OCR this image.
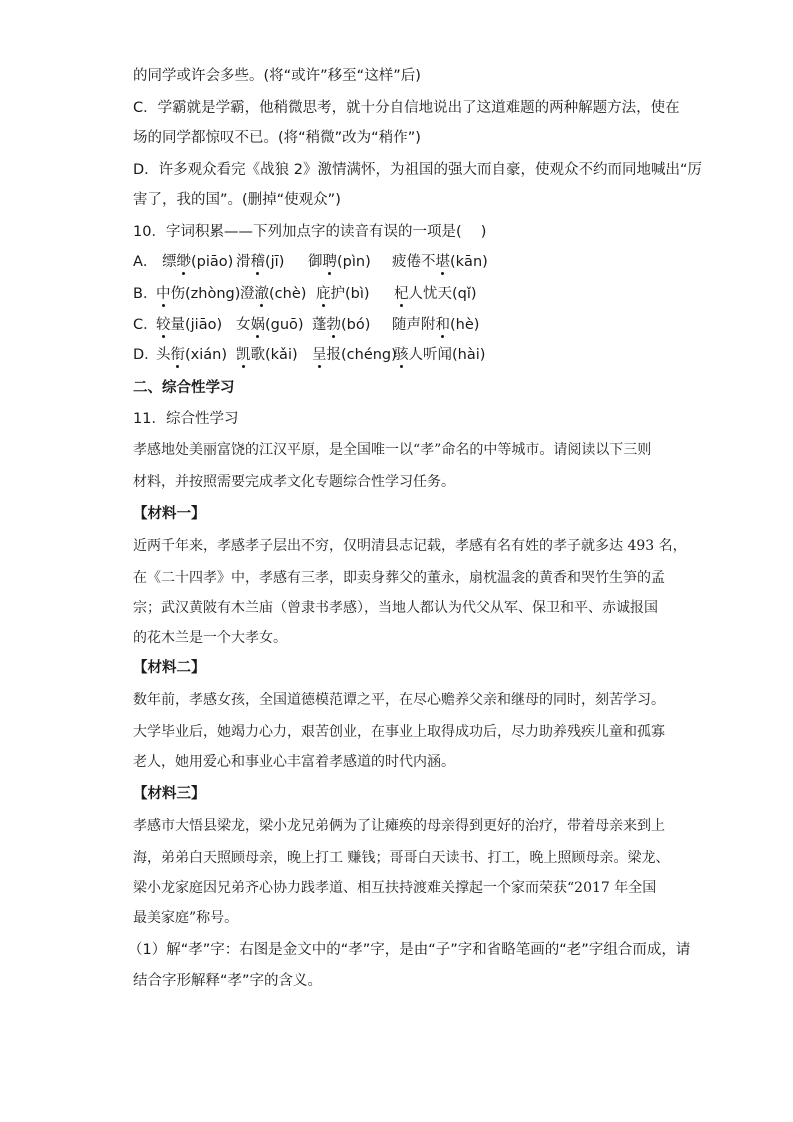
的同学或许会多些。(将“或许”移至“这样”后)
C．学霸就是学霸，他稍微思考，就十分自信地说出了这道难题的两种解题方法，使在
场的同学都惊叹不已。(将“稍微”改为“稍作”)
D．许多观众看完《战狼 2》激情满怀，为祖国的强大而自豪，使观众不约而同地喊出“厉
害了，我的国”。(删掉“使观众”)
10．字词积累——下列加点字的读音有误的一项是(　 )
A． 缥缈(piāo) 滑稽(jī) 御聘(pìn) 疲倦不堪(kān)
B．
中伤(zhòng) 澄澈(chè) 庇护(bì) 杞人忧天(qǐ)
C．
较量(jiāo) 女娲(guō) 蓬勃(bó) 随声附和(hè)
D．
头衔(xián) 凯歌(kǎi) 呈报(chéng)
骇人听闻(hài)
二、综合性学习
11．综合性学习
孝感地处美丽富饶的江汉平原，是全国唯一以“孝”命名的中等城市。请阅读以下三则
材料，并按照需要完成孝文化专题综合性学习任务。
【材料一】
近两千年来，孝感孝子层出不穷，仅明清县志记载，孝感有名有姓的孝子就多达 493 名，
在《二十四孝》中，孝感有三孝，即卖身葬父的董永，扇枕温衾的黄香和哭竹生笋的孟
宗；武汉黄陂有木兰庙（曾隶书孝感），当地人都认为代父从军、保卫和平、赤诚报国
的花木兰是一个大孝女。
【材料二】
数年前，孝感女孩，全国道德模范谭之平，在尽心赡养父亲和继母的同时，刻苦学习。
大学毕业后，她竭力心力，艰苦创业，在事业上取得成功后，尽力助养残疾儿童和孤寡
老人，她用爱心和事业心丰富着孝感道的时代内涵。
【材料三】
孝感市大悟县梁龙，梁小龙兄弟俩为了让瘫痪的母亲得到更好的治疗，带着母亲来到上
海，弟弟白天照顾母亲，晚上打工 赚钱；哥哥白天读书、打工，晚上照顾母亲。梁龙、
梁小龙家庭因兄弟齐心协力践孝道、相互扶持渡难关撑起一个家而荣获“2017 年全国
最美家庭”称号。
（1）解“孝”字：右图是金文中的“孝”字，是由“子”字和省略笔画的“老”字组合而成，请
结合字形解释“孝”字的含义。
